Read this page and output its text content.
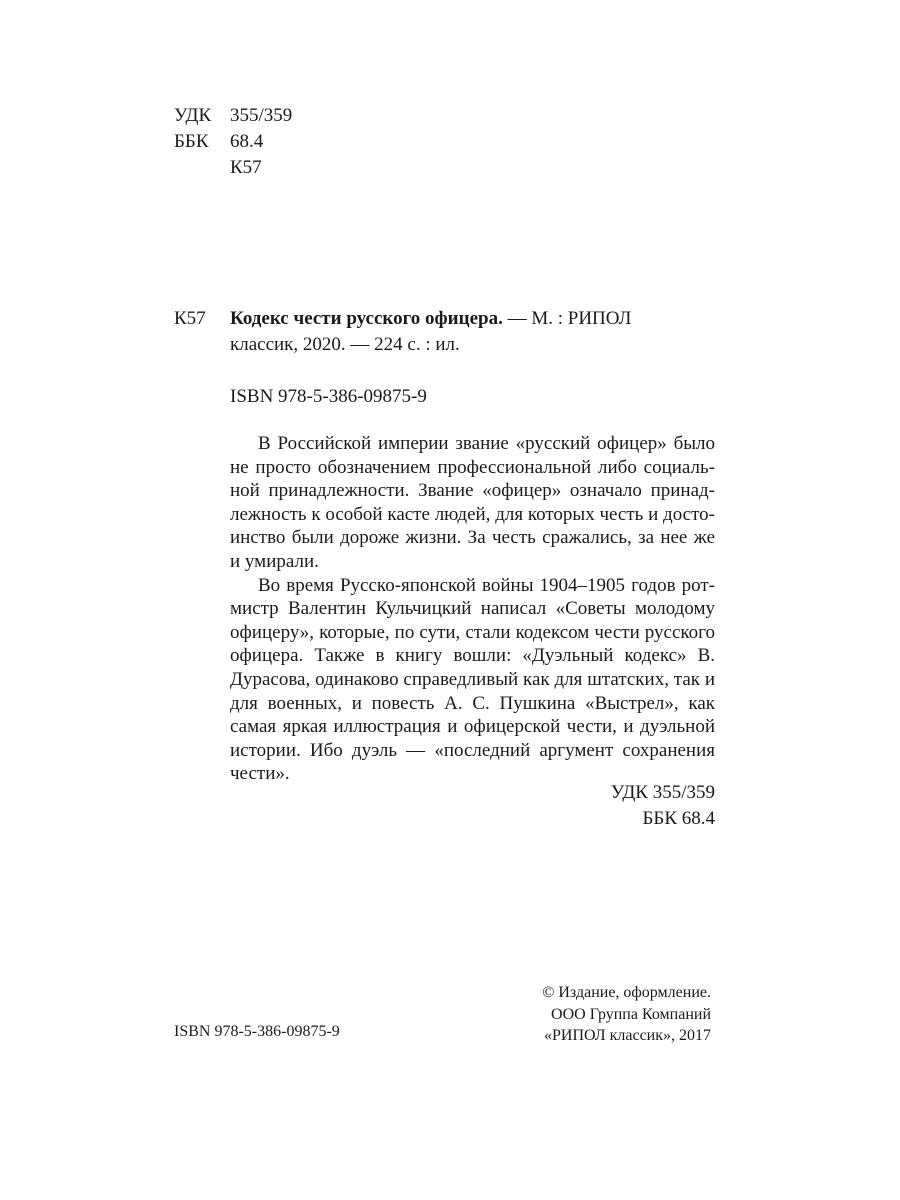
УДК 355/359
ББК	68.4
К57
К57 Кодекс чести русского офицера. — М. : РИПОЛ
классик, 2020. — 224 с. : ил.
ISBN 978-5-386-09875-9

В Российской империи звание «русский офицер» было не просто обозначением профессиональной либо социальной принадлежности. Звание «офицер» означало принадлежность к особой касте людей, для которых честь и достоинство были дороже жизни. За честь сражались, за нее же и умирали.

Во время Русско-японской войны 1904–1905 годов ротмистр Валентин Кульчицкий написал «Советы молодому офицеру», которые, по сути, стали кодексом чести русского офицера. Также в книгу вошли: «Дуэльный кодекс» В. Дурасова, одинаково справедливый как для штатских, так и для военных, и повесть А. С. Пушкина «Выстрел», как самая яркая иллюстрация и офицерской чести, и дуэльной истории. Ибо дуэль — «последний аргумент сохранения чести».

УДК 355/359
ББК 68.4
ISBN 978-5-386-09875-9
© Издание, оформление.
ООО Группа Компаний
«РИПОЛ классик», 2017
